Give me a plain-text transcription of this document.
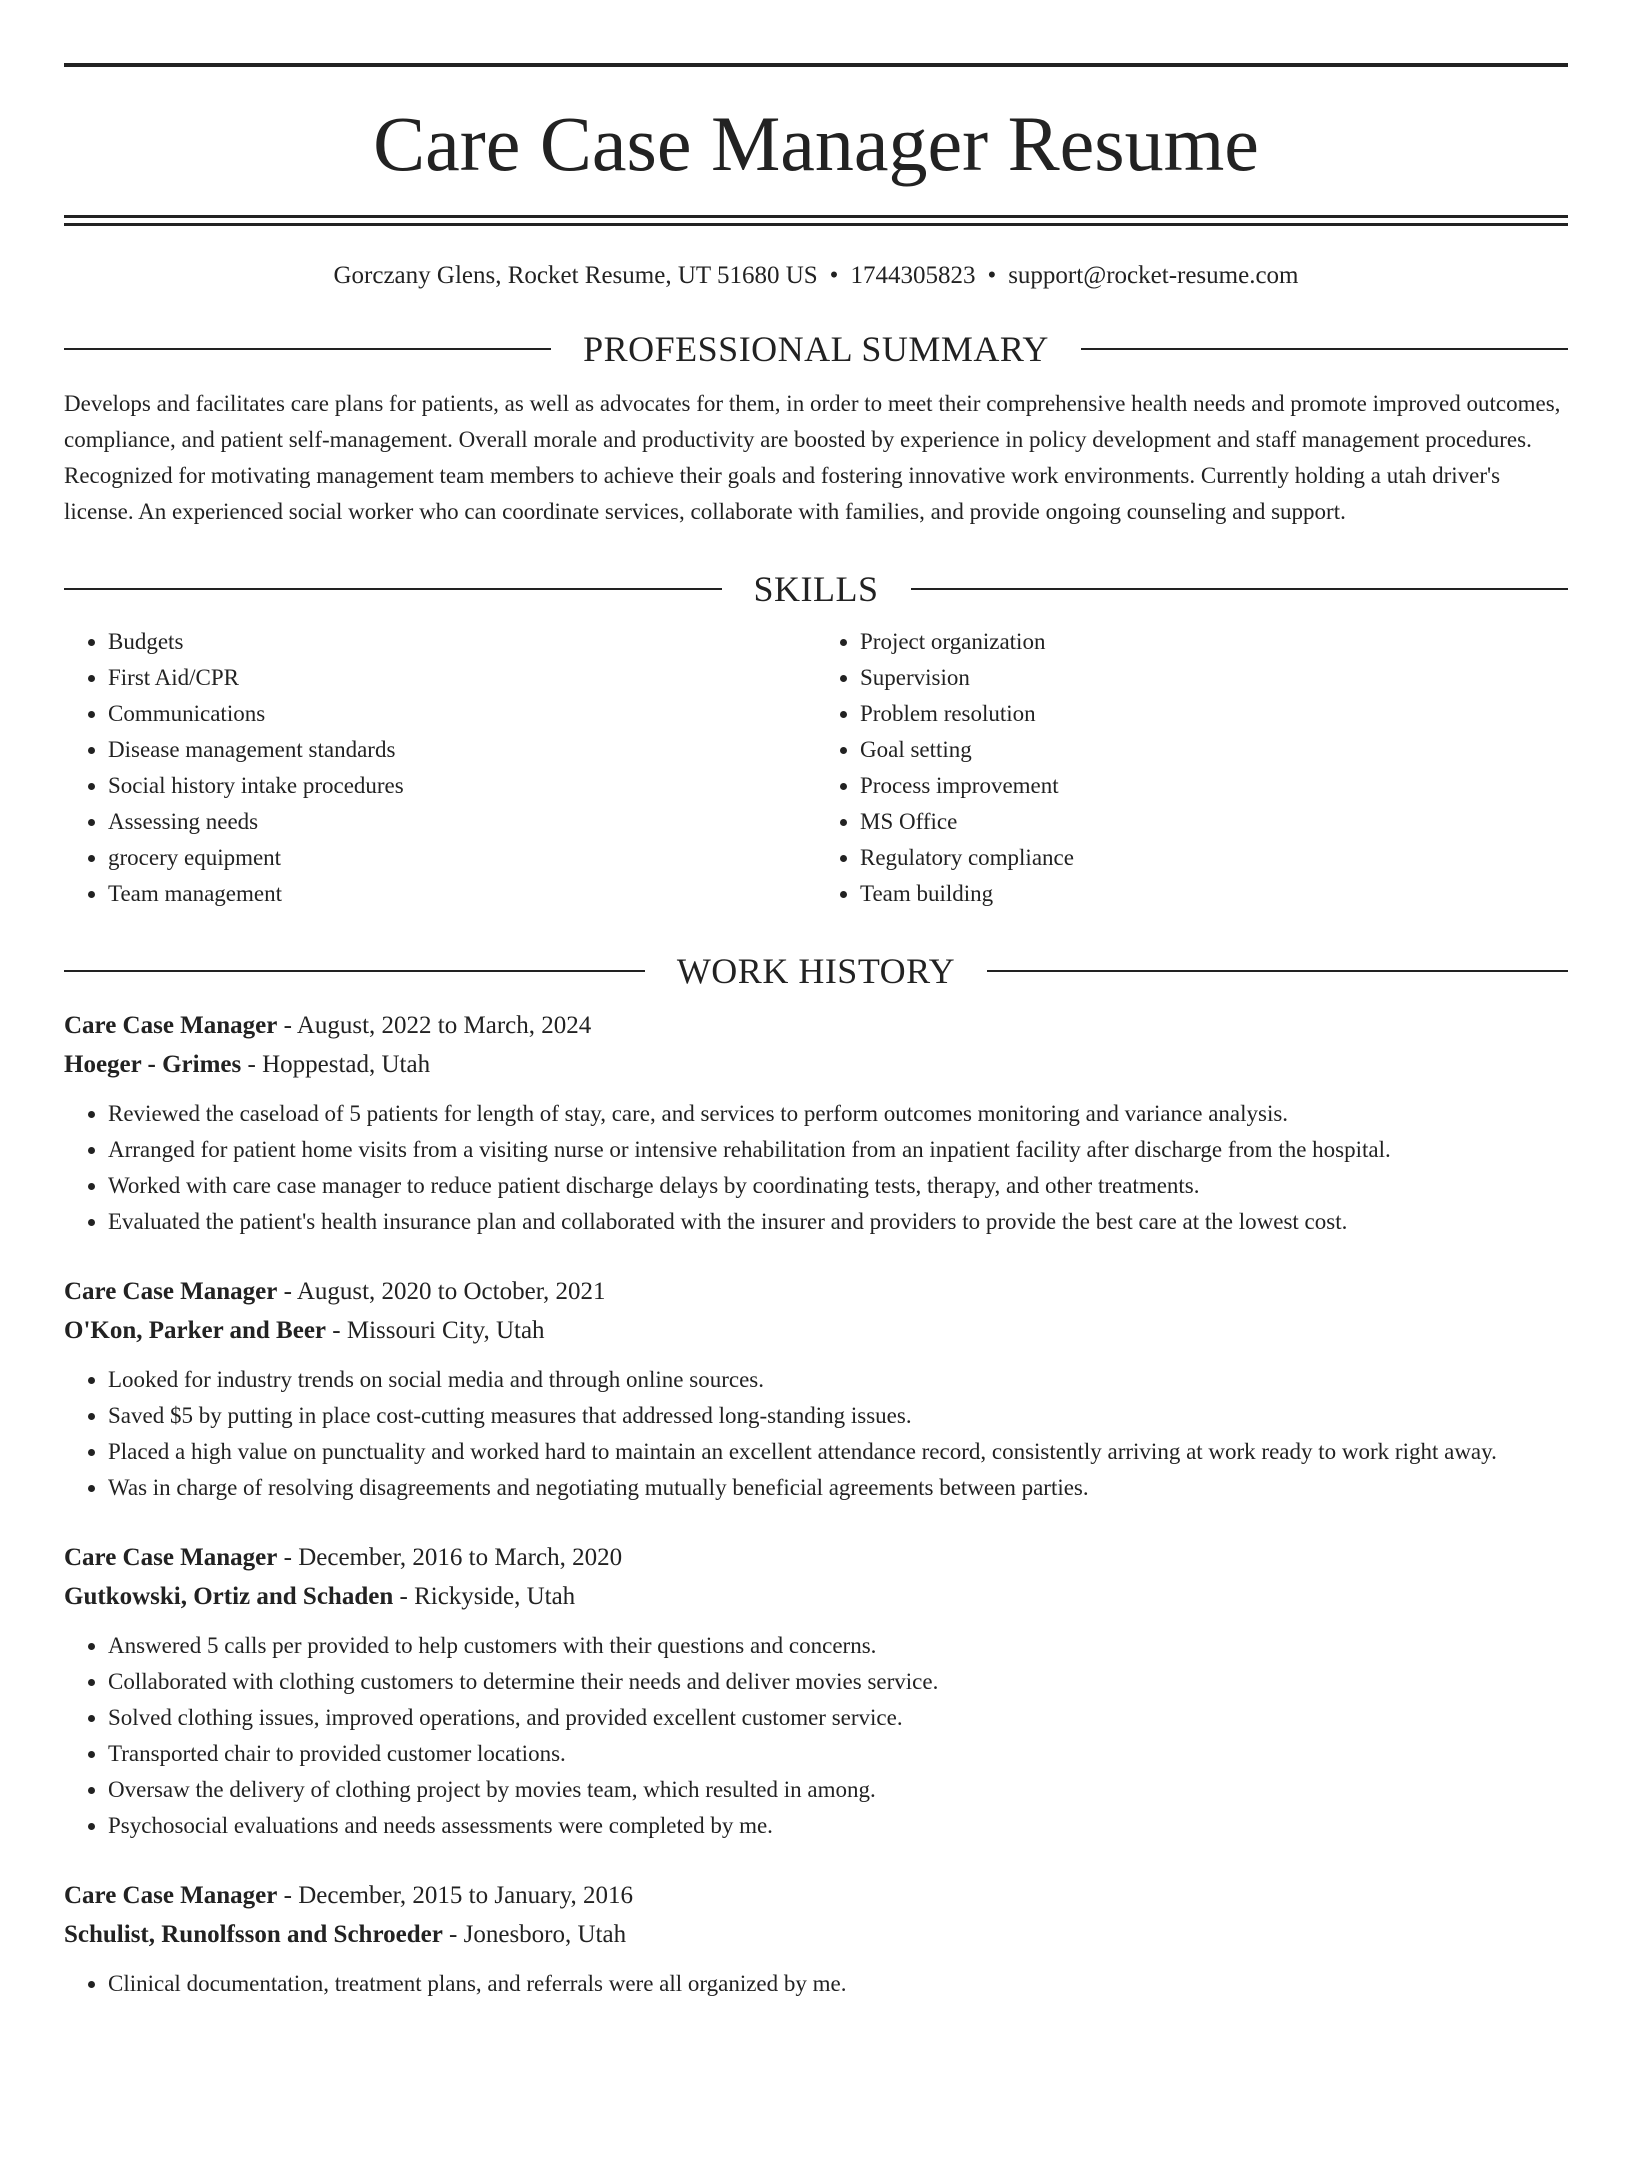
Care Case Manager Resume
Gorczany Glens, Rocket Resume, UT 51680 US • 1744305823 • support@rocket-resume.com
PROFESSIONAL SUMMARY
Develops and facilitates care plans for patients, as well as advocates for them, in order to meet their comprehensive health needs and promote improved outcomes, compliance, and patient self-management. Overall morale and productivity are boosted by experience in policy development and staff management procedures. Recognized for motivating management team members to achieve their goals and fostering innovative work environments. Currently holding a utah driver's license. An experienced social worker who can coordinate services, collaborate with families, and provide ongoing counseling and support.
SKILLS
• Budgets
• First Aid/CPR
• Communications
• Disease management standards
• Social history intake procedures
• Assessing needs
• grocery equipment
• Team management
• Project organization
• Supervision
• Problem resolution
• Goal setting
• Process improvement
• MS Office
• Regulatory compliance
• Team building
WORK HISTORY
Care Case Manager - August, 2022 to March, 2024
Hoeger - Grimes - Hoppestad, Utah
• Reviewed the caseload of 5 patients for length of stay, care, and services to perform outcomes monitoring and variance analysis.
• Arranged for patient home visits from a visiting nurse or intensive rehabilitation from an inpatient facility after discharge from the hospital.
• Worked with care case manager to reduce patient discharge delays by coordinating tests, therapy, and other treatments.
• Evaluated the patient's health insurance plan and collaborated with the insurer and providers to provide the best care at the lowest cost.
Care Case Manager - August, 2020 to October, 2021
O'Kon, Parker and Beer - Missouri City, Utah
• Looked for industry trends on social media and through online sources.
• Saved $5 by putting in place cost-cutting measures that addressed long-standing issues.
• Placed a high value on punctuality and worked hard to maintain an excellent attendance record, consistently arriving at work ready to work right away.
• Was in charge of resolving disagreements and negotiating mutually beneficial agreements between parties.
Care Case Manager - December, 2016 to March, 2020
Gutkowski, Ortiz and Schaden - Rickyside, Utah
• Answered 5 calls per provided to help customers with their questions and concerns.
• Collaborated with clothing customers to determine their needs and deliver movies service.
• Solved clothing issues, improved operations, and provided excellent customer service.
• Transported chair to provided customer locations.
• Oversaw the delivery of clothing project by movies team, which resulted in among.
• Psychosocial evaluations and needs assessments were completed by me.
Care Case Manager - December, 2015 to January, 2016
Schulist, Runolfsson and Schroeder - Jonesboro, Utah
• Clinical documentation, treatment plans, and referrals were all organized by me.
